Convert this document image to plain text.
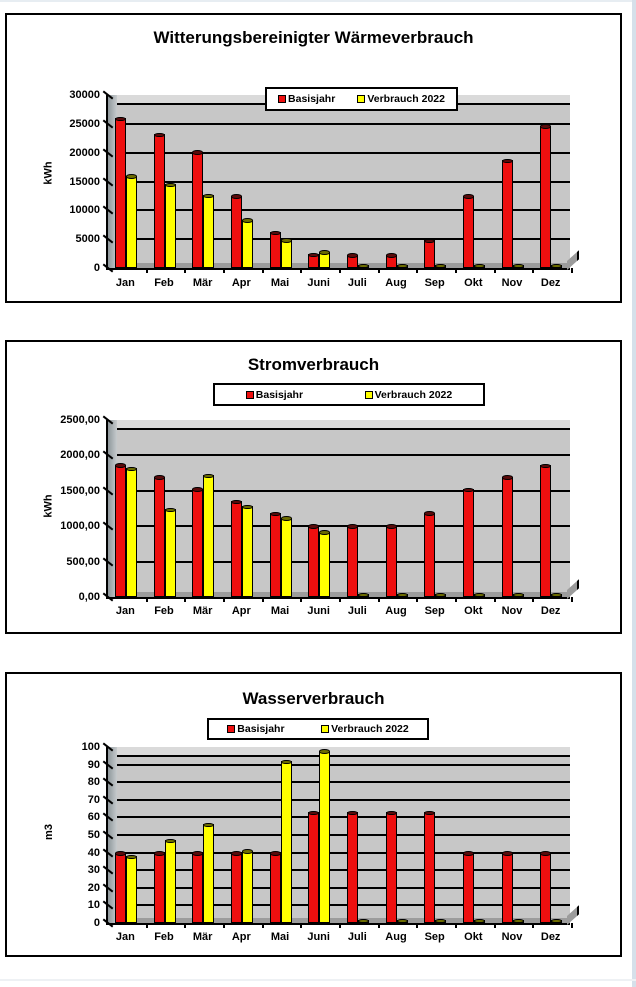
Witterungsbereinigter Wärmeverbrauch
Basisjahr	Verbrauch 2022
kWh
30000
25000
20000
15000
10000
5000
0
Jan	Feb	Mär	Apr	Mai	Juni	Juli	Aug	Sep	Okt	Nov	Dez
Stromverbrauch
Basisjahr	Verbrauch 2022
kWh
2500,00
2000,00
1500,00
1000,00
500,00
0,00
Jan	Feb	Mär	Apr	Mai	Juni	Juli	Aug	Sep	Okt	Nov	Dez
Wasserverbrauch
Basisjahr	Verbrauch 2022
m3
100
90
80
70
60
50
40
30
20
10
0
Jan	Feb	Mär	Apr	Mai	Juni	Juli	Aug	Sep	Okt	Nov	Dez
